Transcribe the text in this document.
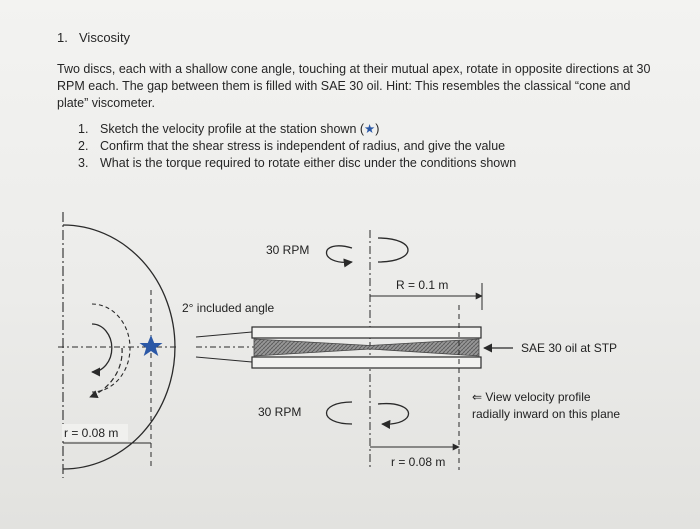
1. Viscosity
Two discs, each with a shallow cone angle, touching at their mutual apex, rotate in opposite directions at 30 RPM each. The gap between them is filled with SAE 30 oil. Hint: This resembles the classical “cone and plate” viscometer.
1. Sketch the velocity profile at the station shown (★)
2. Confirm that the shear stress is independent of radius, and give the value
3. What is the torque required to rotate either disc under the conditions shown
30 RPM
30 RPM
R = 0.1 m
2° included angle
SAE 30 oil at STP
⇐ View velocity profile
radially inward on this plane
r = 0.08 m
r = 0.08 m
